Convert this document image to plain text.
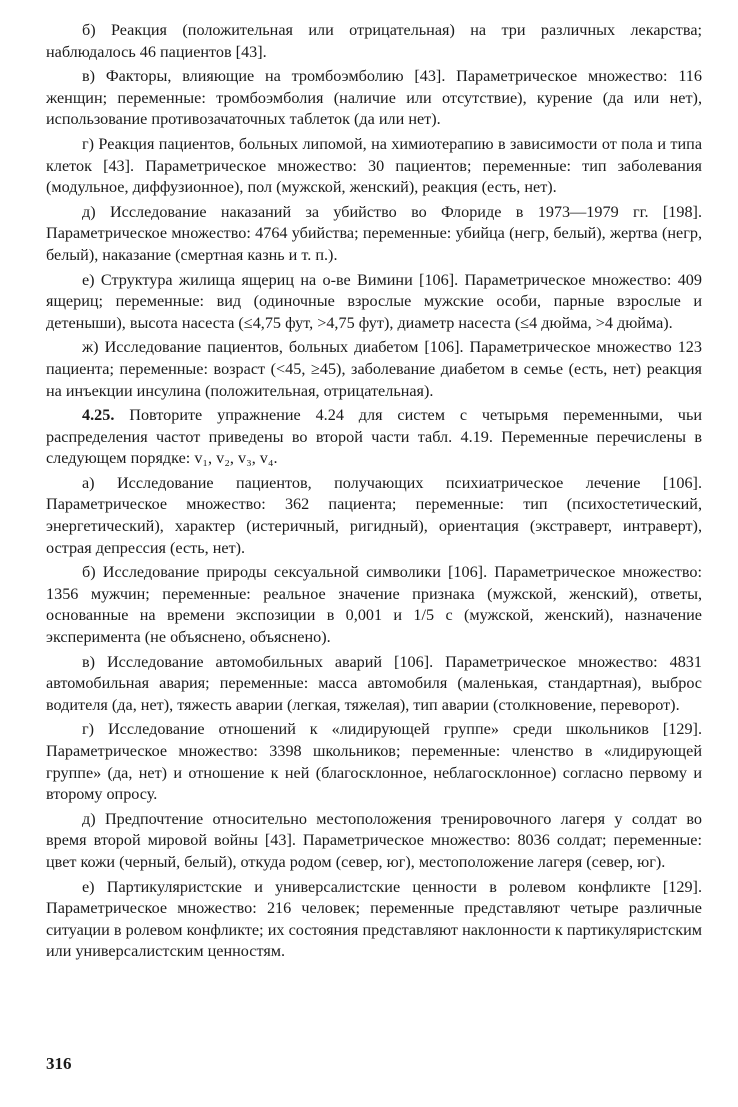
б) Реакция (положительная или отрицательная) на три различных лекарства; наблюдалось 46 пациентов [43].

в) Факторы, влияющие на тромбоэмболию [43]. Параметрическое множество: 116 женщин; переменные: тромбоэмболия (наличие или отсутствие), курение (да или нет), использование противозачаточных таблеток (да или нет).

г) Реакция пациентов, больных липомой, на химиотерапию в зависимости от пола и типа клеток [43]. Параметрическое множество: 30 пациентов; переменные: тип заболевания (модульное, диффузионное), пол (мужской, женский), реакция (есть, нет).

д) Исследование наказаний за убийство во Флориде в 1973—1979 гг. [198]. Параметрическое множество: 4764 убийства; переменные: убийца (негр, белый), жертва (негр, белый), наказание (смертная казнь и т. п.).

е) Структура жилища ящериц на о-ве Вимини [106]. Параметрическое множество: 409 ящериц; переменные: вид (одиночные взрослые мужские особи, парные взрослые и детеныши), высота насеста (≤4,75 фут, >4,75 фут), диаметр насеста (≤4 дюйма, >4 дюйма).

ж) Исследование пациентов, больных диабетом [106]. Параметрическое множество 123 пациента; переменные: возраст (<45, ≥45), заболевание диабетом в семье (есть, нет) реакция на инъекции инсулина (положительная, отрицательная).

4.25. Повторите упражнение 4.24 для систем с четырьмя переменными, чьи распределения частот приведены во второй части табл. 4.19. Переменные перечислены в следующем порядке: v₁, v₂, v₃, v₄.

а) Исследование пациентов, получающих психиатрическое лечение [106]. Параметрическое множество: 362 пациента; переменные: тип (психостетический, энергетический), характер (истеричный, ригидный), ориентация (экстраверт, интраверт), острая депрессия (есть, нет).

б) Исследование природы сексуальной символики [106]. Параметрическое множество: 1356 мужчин; переменные: реальное значение признака (мужской, женский), ответы, основанные на времени экспозиции в 0,001 и 1/5 с (мужской, женский), назначение эксперимента (не объяснено, объяснено).

в) Исследование автомобильных аварий [106]. Параметрическое множество: 4831 автомобильная авария; переменные: масса автомобиля (маленькая, стандартная), выброс водителя (да, нет), тяжесть аварии (легкая, тяжелая), тип аварии (столкновение, переворот).

г) Исследование отношений к «лидирующей группе» среди школьников [129]. Параметрическое множество: 3398 школьников; переменные: членство в «лидирующей группе» (да, нет) и отношение к ней (благосклонное, неблагосклонное) согласно первому и второму опросу.

д) Предпочтение относительно местоположения тренировочного лагеря у солдат во время второй мировой войны [43]. Параметрическое множество: 8036 солдат; переменные: цвет кожи (черный, белый), откуда родом (север, юг), местоположение лагеря (север, юг).

е) Партикуляристские и универсалистские ценности в ролевом конфликте [129]. Параметрическое множество: 216 человек; переменные представляют четыре различные ситуации в ролевом конфликте; их состояния представляют наклонности к партикуляристским или универсалистским ценностям.

316
